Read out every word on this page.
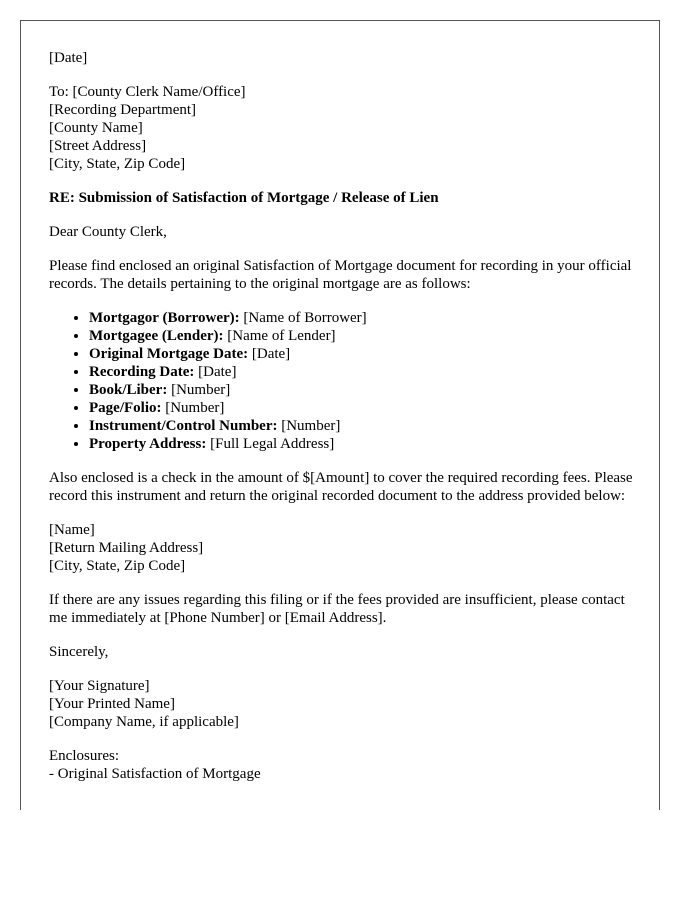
[Date]

To: [County Clerk Name/Office]
[Recording Department]
[County Name]
[Street Address]
[City, State, Zip Code]

RE: Submission of Satisfaction of Mortgage / Release of Lien

Dear County Clerk,

Please find enclosed an original Satisfaction of Mortgage document for recording in your official records. The details pertaining to the original mortgage are as follows:

• Mortgagor (Borrower): [Name of Borrower]
• Mortgagee (Lender): [Name of Lender]
• Original Mortgage Date: [Date]
• Recording Date: [Date]
• Book/Liber: [Number]
• Page/Folio: [Number]
• Instrument/Control Number: [Number]
• Property Address: [Full Legal Address]

Also enclosed is a check in the amount of $[Amount] to cover the required recording fees. Please record this instrument and return the original recorded document to the address provided below:

[Name]
[Return Mailing Address]
[City, State, Zip Code]

If there are any issues regarding this filing or if the fees provided are insufficient, please contact me immediately at [Phone Number] or [Email Address].

Sincerely,

[Your Signature]
[Your Printed Name]
[Company Name, if applicable]

Enclosures:
- Original Satisfaction of Mortgage
